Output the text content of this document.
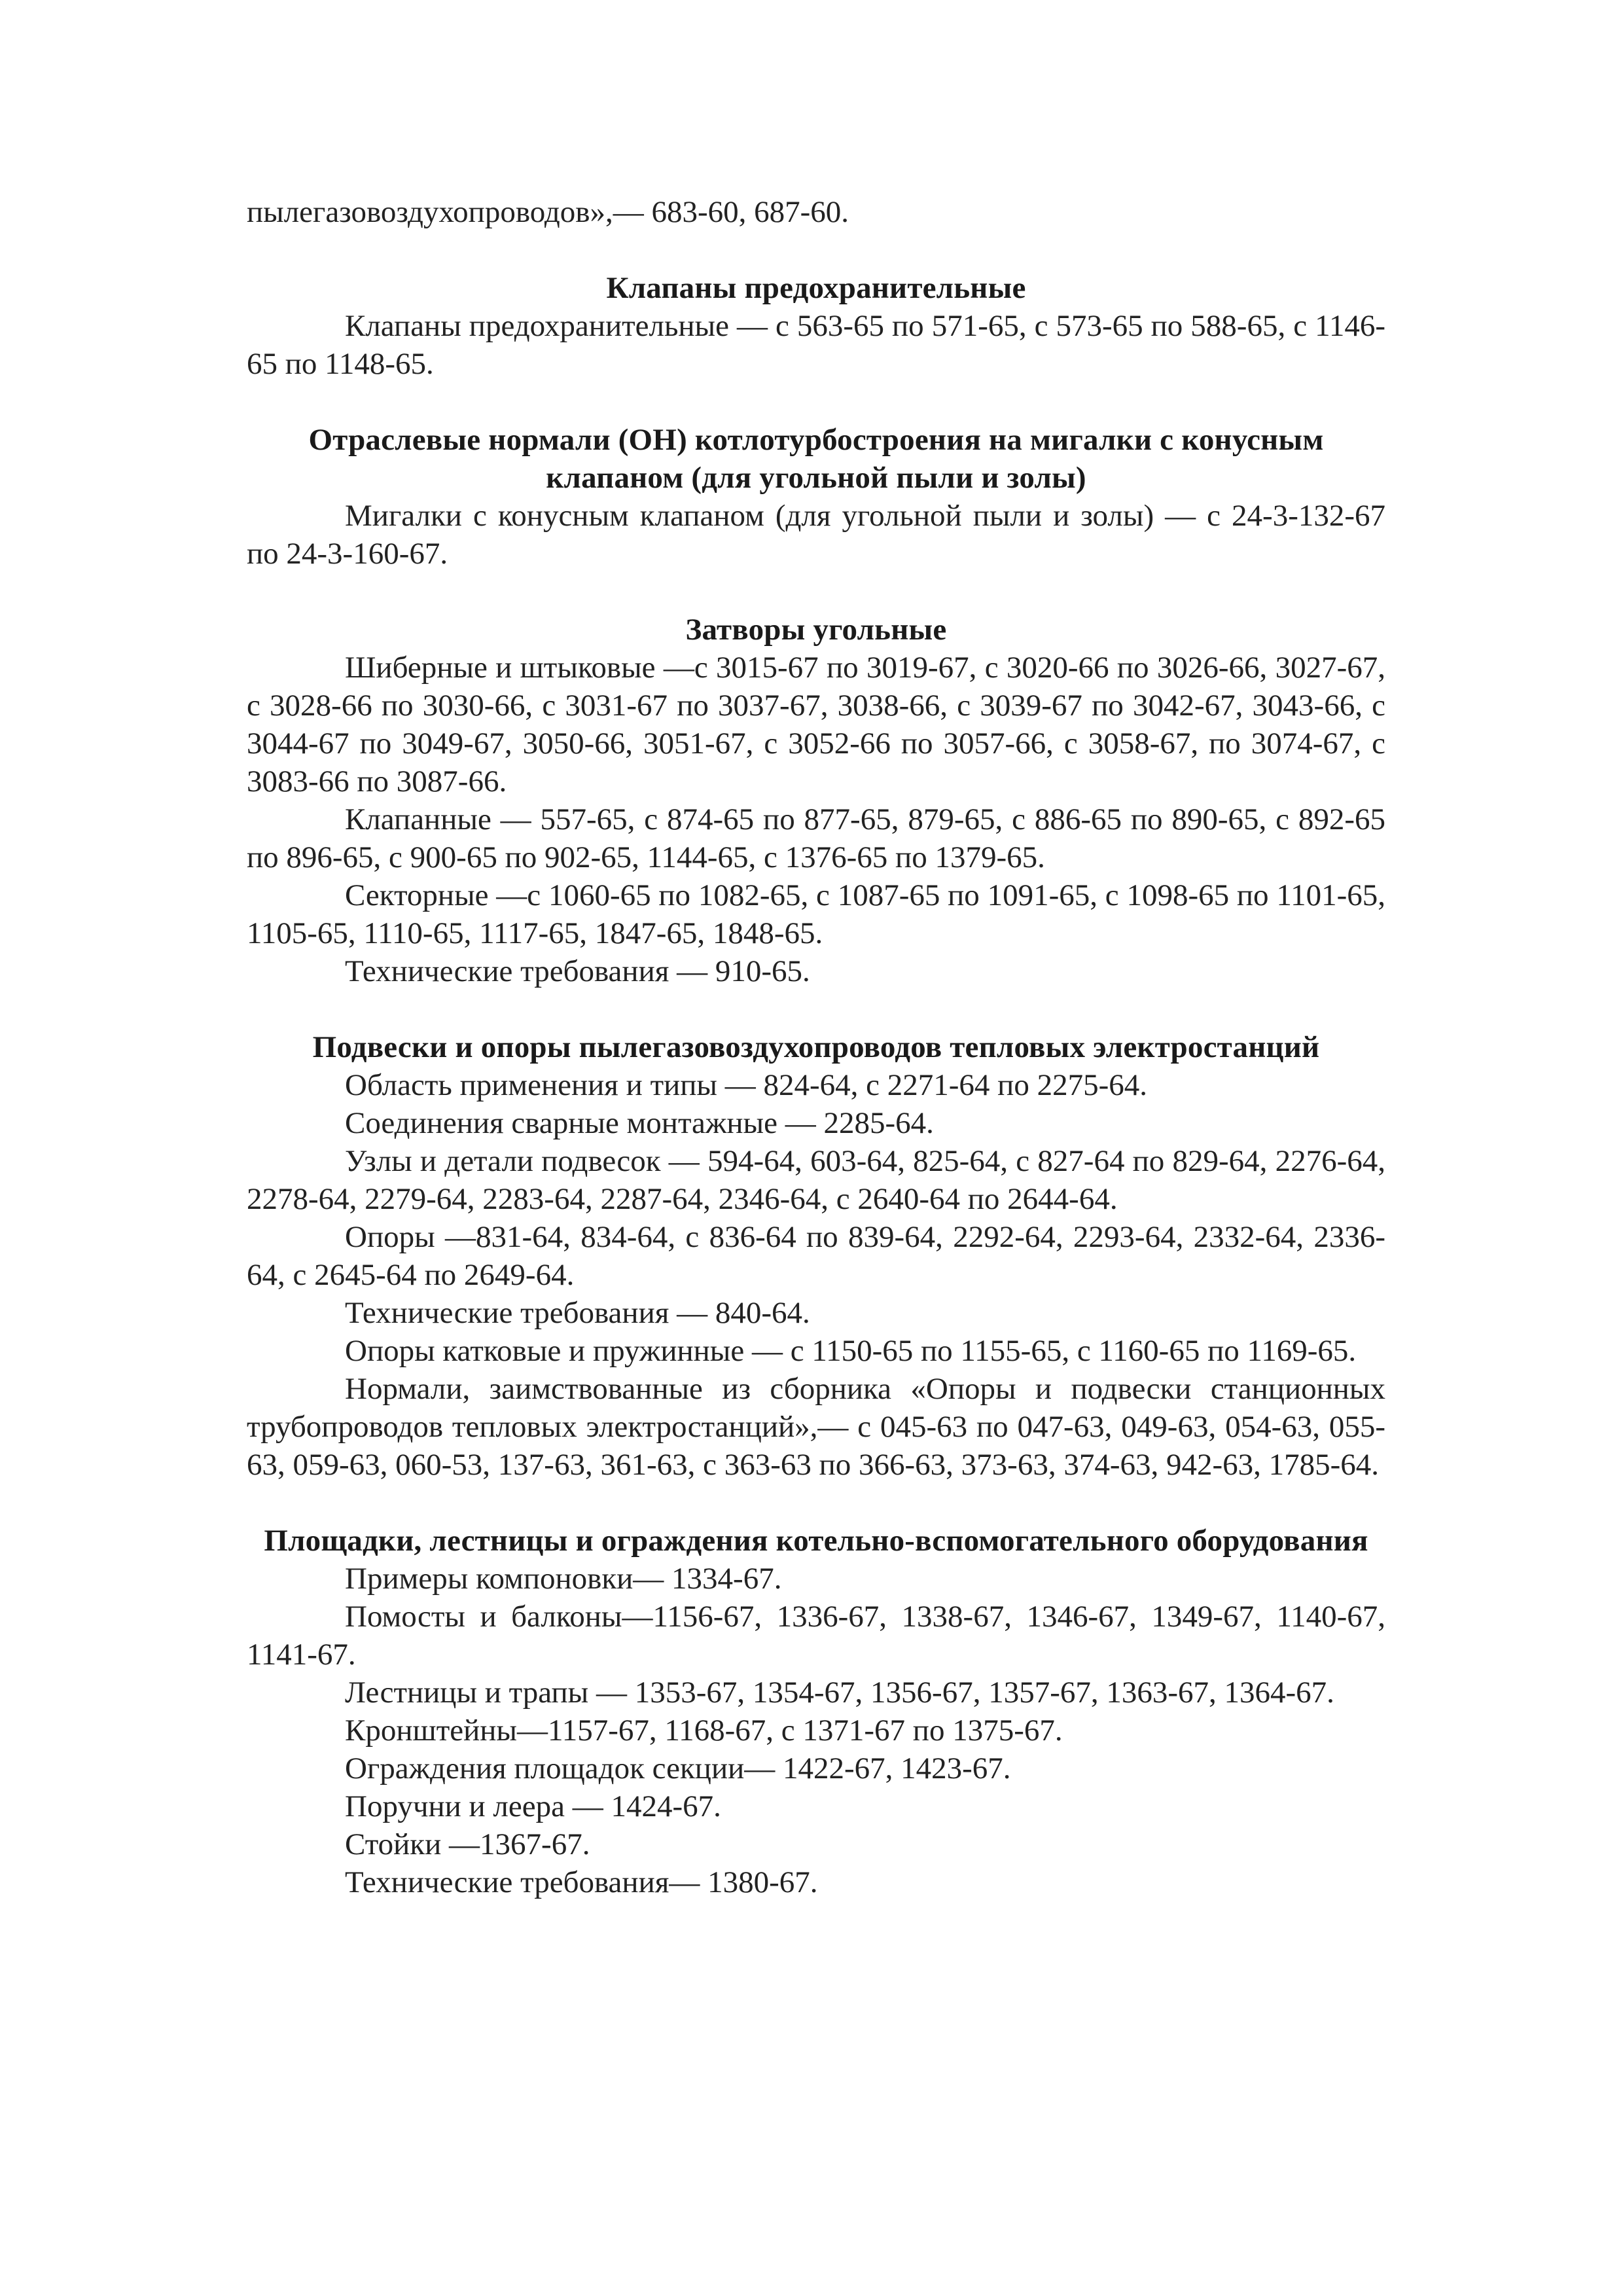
пылегазовоздухопроводов»,— 683-60, 687-60.

Клапаны предохранительные

Клапаны предохранительные — с 563-65 по 571-65, с 573-65 по 588-65, с 1146-65 по 1148-65.

Отраслевые нормали (ОН) котлотурбостроения на мигалки с конусным клапаном (для угольной пыли и золы)

Мигалки с конусным клапаном (для угольной пыли и золы) — с 24-3-132-67 по 24-3-160-67.

Затворы угольные

Шиберные и штыковые —с 3015-67 по 3019-67, с 3020-66 по 3026-66, 3027-67, с 3028-66 по 3030-66, с 3031-67 по 3037-67, 3038-66, с 3039-67 по 3042-67, 3043-66, с 3044-67 по 3049-67, 3050-66, 3051-67, с 3052-66 по 3057-66, с 3058-67, по 3074-67, с 3083-66 по 3087-66.

Клапанные — 557-65, с 874-65 по 877-65, 879-65, с 886-65 по 890-65, с 892-65 по 896-65, с 900-65 по 902-65, 1144-65, с 1376-65 по 1379-65.

Секторные —с 1060-65 по 1082-65, с 1087-65 по 1091-65, с 1098-65 по 1101-65, 1105-65, 1110-65, 1117-65, 1847-65, 1848-65.

Технические требования — 910-65.

Подвески и опоры пылегазовоздухопроводов тепловых электростанций

Область применения и типы — 824-64, с 2271-64 по 2275-64.

Соединения сварные монтажные — 2285-64.

Узлы и детали подвесок — 594-64, 603-64, 825-64, с 827-64 по 829-64, 2276-64, 2278-64, 2279-64, 2283-64, 2287-64, 2346-64, с 2640-64 по 2644-64.

Опоры —831-64, 834-64, с 836-64 по 839-64, 2292-64, 2293-64, 2332-64, 2336-64, с 2645-64 по 2649-64.

Технические требования — 840-64.

Опоры катковые и пружинные — с 1150-65 по 1155-65, с 1160-65 по 1169-65.

Нормали, заимствованные из сборника «Опоры и подвески станционных трубопроводов тепловых электростанций»,— с 045-63 по 047-63, 049-63, 054-63, 055-63, 059-63, 060-53, 137-63, 361-63, с 363-63 по 366-63, 373-63, 374-63, 942-63, 1785-64.

Площадки, лестницы и ограждения котельно-вспомогательного оборудования

Примеры компоновки— 1334-67.

Помосты и балконы—1156-67, 1336-67, 1338-67, 1346-67, 1349-67, 1140-67, 1141-67.

Лестницы и трапы — 1353-67, 1354-67, 1356-67, 1357-67, 1363-67, 1364-67.

Кронштейны—1157-67, 1168-67, с 1371-67 по 1375-67.

Ограждения площадок секции— 1422-67, 1423-67.

Поручни и леера — 1424-67.

Стойки —1367-67.

Технические требования— 1380-67.
